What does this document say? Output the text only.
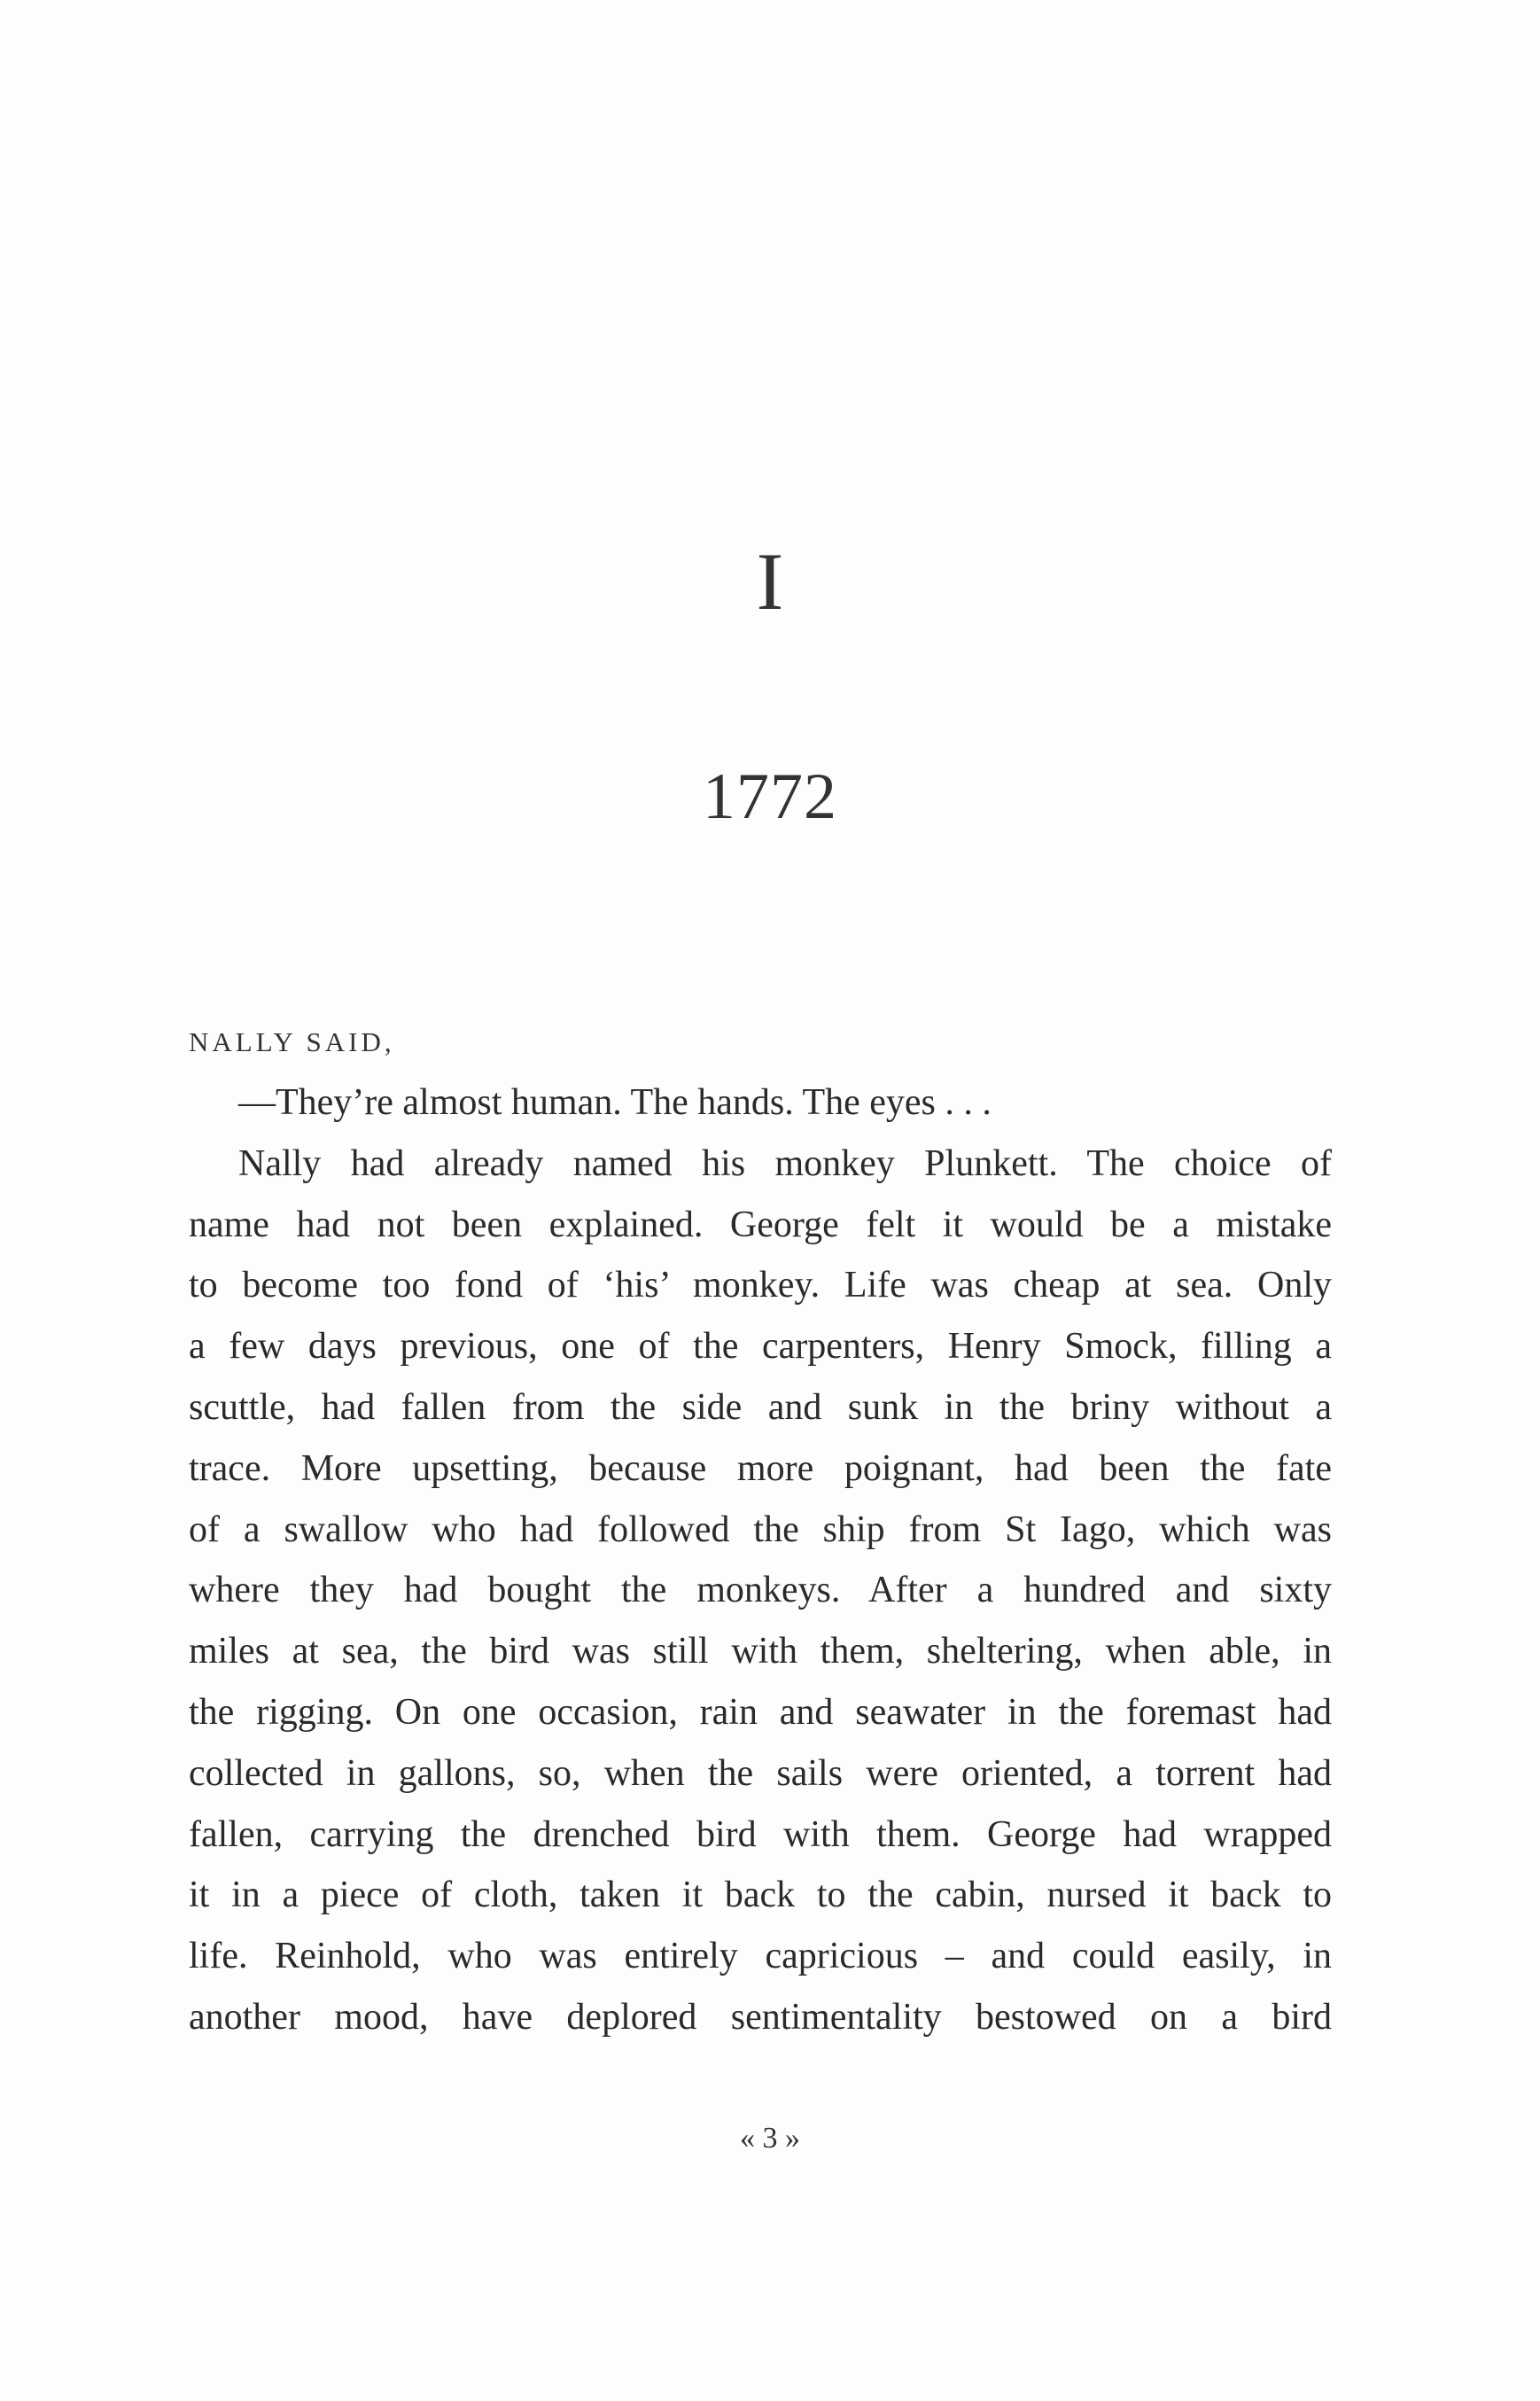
I
1772
NALLY SAID,
—They’re almost human. The hands. The eyes . . .
Nally had already named his monkey Plunkett. The choice of
name had not been explained. George felt it would be a mistake
to become too fond of ‘his’ monkey. Life was cheap at sea. Only
a few days previous, one of the carpenters, Henry Smock, filling a
scuttle, had fallen from the side and sunk in the briny without a
trace. More upsetting, because more poignant, had been the fate
of a swallow who had followed the ship from St Iago, which was
where they had bought the monkeys. After a hundred and sixty
miles at sea, the bird was still with them, sheltering, when able, in
the rigging. On one occasion, rain and seawater in the foremast had
collected in gallons, so, when the sails were oriented, a torrent had
fallen, carrying the drenched bird with them. George had wrapped
it in a piece of cloth, taken it back to the cabin, nursed it back to
life. Reinhold, who was entirely capricious – and could easily, in
another mood, have deplored sentimentality bestowed on a bird
« 3 »
